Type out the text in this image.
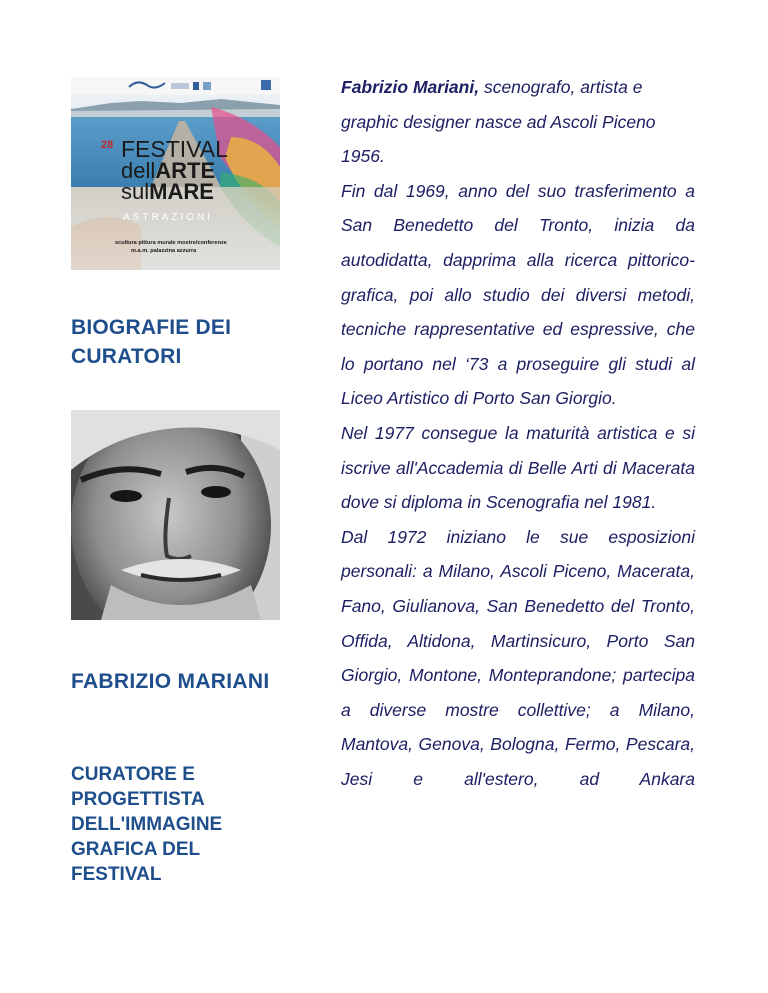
28 FESTIVAL
dellARTE
sulMARE
ASTRAZIONI
scultura pittura murale mostre/conferenze
m.a.m. palazzina azzurra
BIOGRAFIE DEI CURATORI
FABRIZIO MARIANI
CURATORE E PROGETTISTA DELL'IMMAGINE GRAFICA DEL FESTIVAL

Fabrizio Mariani, scenografo, artista e graphic designer nasce ad Ascoli Piceno 1956.

Fin dal 1969, anno del suo trasferimento a San Benedetto del Tronto, inizia da autodidatta, dapprima alla ricerca pittorico-grafica, poi allo studio dei diversi metodi, tecniche rappresentative ed espressive, che lo portano nel ‘73 a proseguire gli studi al Liceo Artistico di Porto San Giorgio.

Nel 1977 consegue la maturità artistica e si iscrive all'Accademia di Belle Arti di Macerata dove si diploma in Scenografia nel 1981.

Dal 1972 iniziano le sue esposizioni personali: a Milano, Ascoli Piceno, Macerata, Fano, Giulianova, San Benedetto del Tronto, Offida, Altidona, Martinsicuro, Porto San Giorgio, Montone, Monteprandone; partecipa a diverse mostre collettive; a Milano, Mantova, Genova, Bologna, Fermo, Pescara, Jesi e all'estero, ad Ankara
